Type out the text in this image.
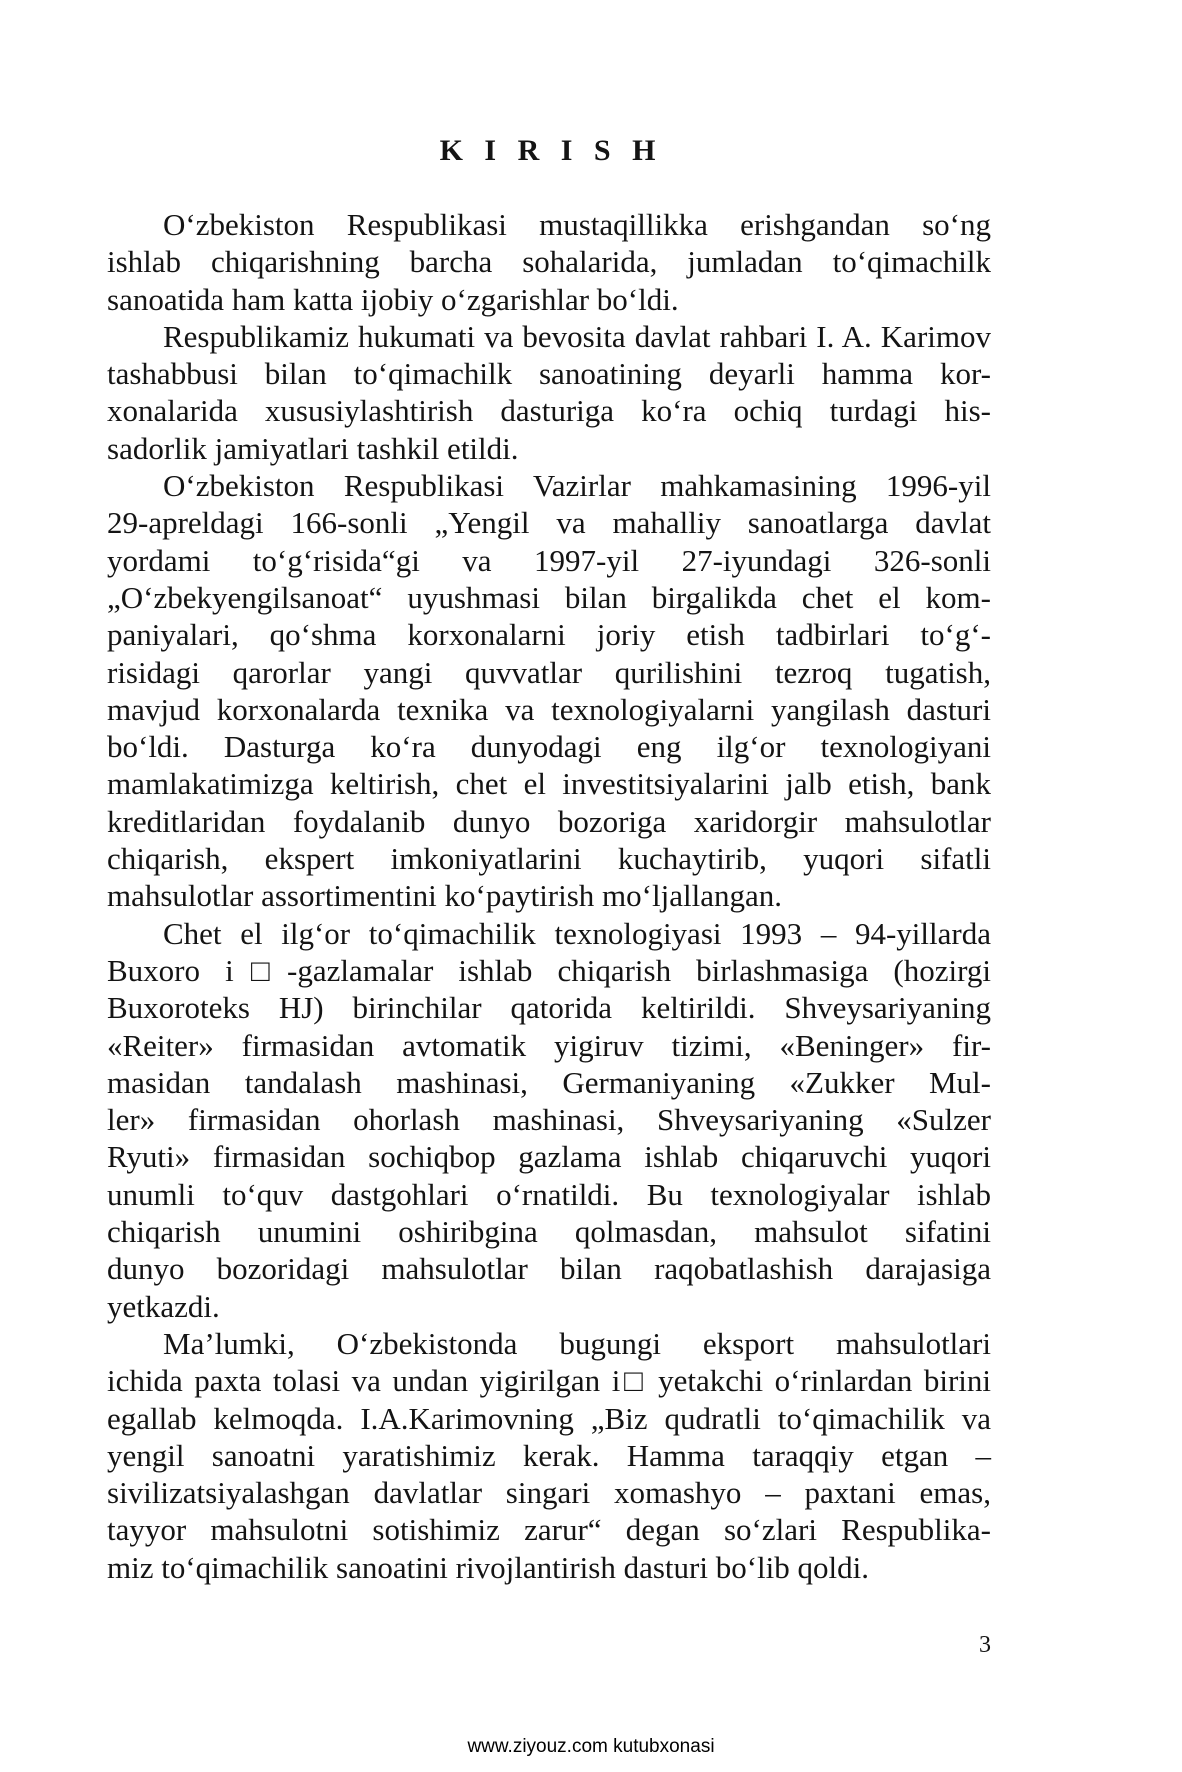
K I R I S H

O‘zbekiston Respublikasi mustaqillikka erishgandan so‘ng
ishlab chiqarishning barcha sohalarida, jumladan to‘qimachilk
sanoatida ham katta ijobiy o‘zgarishlar bo‘ldi.

Respublikamiz hukumati va bevosita davlat rahbari I. A. Karimov
tashabbusi bilan to‘qimachilk sanoatining deyarli hamma kor-
xonalarida xususiylashtirish dasturiga ko‘ra ochiq turdagi his-
sadorlik jamiyatlari tashkil etildi.

O‘zbekiston Respublikasi Vazirlar mahkamasining 1996-yil
29-apreldagi 166-sonli „Yengil va mahalliy sanoatlarga davlat
yordami to‘g‘risida“gi va 1997-yil 27-iyundagi 326-sonli
„O‘zbekyengilsanoat“ uyushmasi bilan birgalikda chet el kom-
paniyalari, qo‘shma korxonalarni joriy etish tadbirlari to‘g‘-
risidagi qarorlar yangi quvvatlar qurilishini tezroq tugatish,
mavjud korxonalarda texnika va texnologiyalarni yangilash dasturi
bo‘ldi. Dasturga ko‘ra dunyodagi eng ilg‘or texnologiyani
mamlakatimizga keltirish, chet el investitsiyalarini jalb etish, bank
kreditlaridan foydalanib dunyo bozoriga xaridorgir mahsulotlar
chiqarish, ekspert imkoniyatlarini kuchaytirib, yuqori sifatli
mahsulotlar assortimentini ko‘paytirish mo‘ljallangan.

Chet el ilg‘or to‘qimachilik texnologiyasi 1993 – 94-yillarda
Buxoro i□-gazlamalar ishlab chiqarish birlashmasiga (hozirgi
Buxoroteks HJ) birinchilar qatorida keltirildi. Shveysariyaning
«Reiter» firmasidan avtomatik yigiruv tizimi, «Beninger» fir-
masidan tandalash mashinasi, Germaniyaning «Zukker Mul-
ler» firmasidan ohorlash mashinasi, Shveysariyaning «Sulzer
Ryuti» firmasidan sochiqbop gazlama ishlab chiqaruvchi yuqori
unumli to‘quv dastgohlari o‘rnatildi. Bu texnologiyalar ishlab
chiqarish unumini oshiribgina qolmasdan, mahsulot sifatini
dunyo bozoridagi mahsulotlar bilan raqobatlashish darajasiga
yetkazdi.

Ma’lumki, O‘zbekistonda bugungi eksport mahsulotlari
ichida paxta tolasi va undan yigirilgan i□ yetakchi o‘rinlardan birini
egallab kelmoqda. I.A.Karimovning „Biz qudratli to‘qimachilik va
yengil sanoatni yaratishimiz kerak. Hamma taraqqiy etgan –
sivilizatsiyalashgan davlatlar singari xomashyo – paxtani emas,
tayyor mahsulotni sotishimiz zarur“ degan so‘zlari Respublika-
miz to‘qimachilik sanoatini rivojlantirish dasturi bo‘lib qoldi.

3

www.ziyouz.com kutubxonasi
